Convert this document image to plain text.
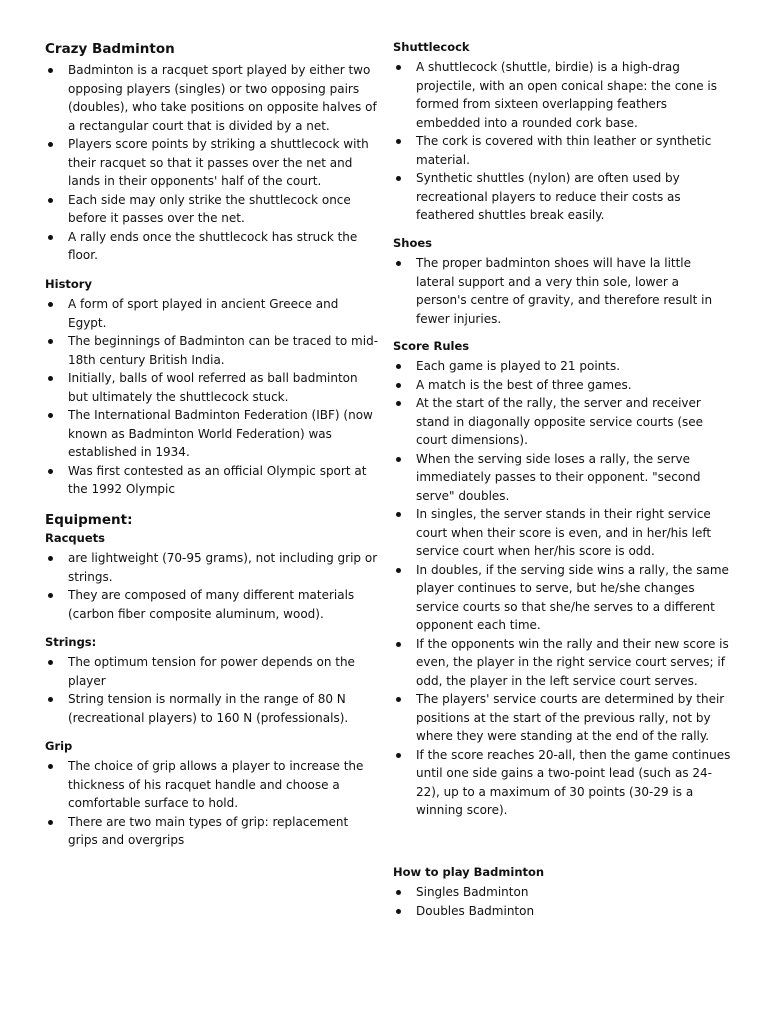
Crazy Badminton
Badminton is a racquet sport played by either two opposing players (singles) or two opposing pairs (doubles), who take positions on opposite halves of a rectangular court that is divided by a net.
Players score points by striking a shuttlecock with their racquet so that it passes over the net and lands in their opponents' half of the court.
Each side may only strike the shuttlecock once before it passes over the net.
A rally ends once the shuttlecock has struck the floor.
History
A form of sport played in ancient Greece and Egypt.
The beginnings of Badminton can be traced to mid-18th century British India.
Initially, balls of wool referred as ball badminton but ultimately the shuttlecock stuck.
The International Badminton Federation (IBF) (now known as Badminton World Federation) was established in 1934.
Was first contested as an official Olympic sport at the 1992 Olympic
Equipment:
Racquets
are lightweight (70-95 grams), not including grip or strings.
They are composed of many different materials (carbon fiber composite aluminum, wood).
Strings:
The optimum tension for power depends on the player
String tension is normally in the range of 80 N (recreational players) to 160 N (professionals).
Grip
The choice of grip allows a player to increase the thickness of his racquet handle and choose a comfortable surface to hold.
There are two main types of grip: replacement grips and overgrips
Shuttlecock
A shuttlecock (shuttle, birdie) is a high-drag projectile, with an open conical shape: the cone is formed from sixteen overlapping feathers embedded into a rounded cork base.
The cork is covered with thin leather or synthetic material.
Synthetic shuttles (nylon) are often used by recreational players to reduce their costs as feathered shuttles break easily.
Shoes
The proper badminton shoes will have la little lateral support and a very thin sole, lower a person's centre of gravity, and therefore result in fewer injuries.
Score Rules
Each game is played to 21 points.
A match is the best of three games.
At the start of the rally, the server and receiver stand in diagonally opposite service courts (see court dimensions).
When the serving side loses a rally, the serve immediately passes to their opponent. "second serve" doubles.
In singles, the server stands in their right service court when their score is even, and in her/his left service court when her/his score is odd.
In doubles, if the serving side wins a rally, the same player continues to serve, but he/she changes service courts so that she/he serves to a different opponent each time.
If the opponents win the rally and their new score is even, the player in the right service court serves; if odd, the player in the left service court serves.
The players' service courts are determined by their positions at the start of the previous rally, not by where they were standing at the end of the rally.
If the score reaches 20-all, then the game continues until one side gains a two-point lead (such as 24-22), up to a maximum of 30 points (30-29 is a winning score).
How to play Badminton
Singles Badminton
Doubles Badminton
